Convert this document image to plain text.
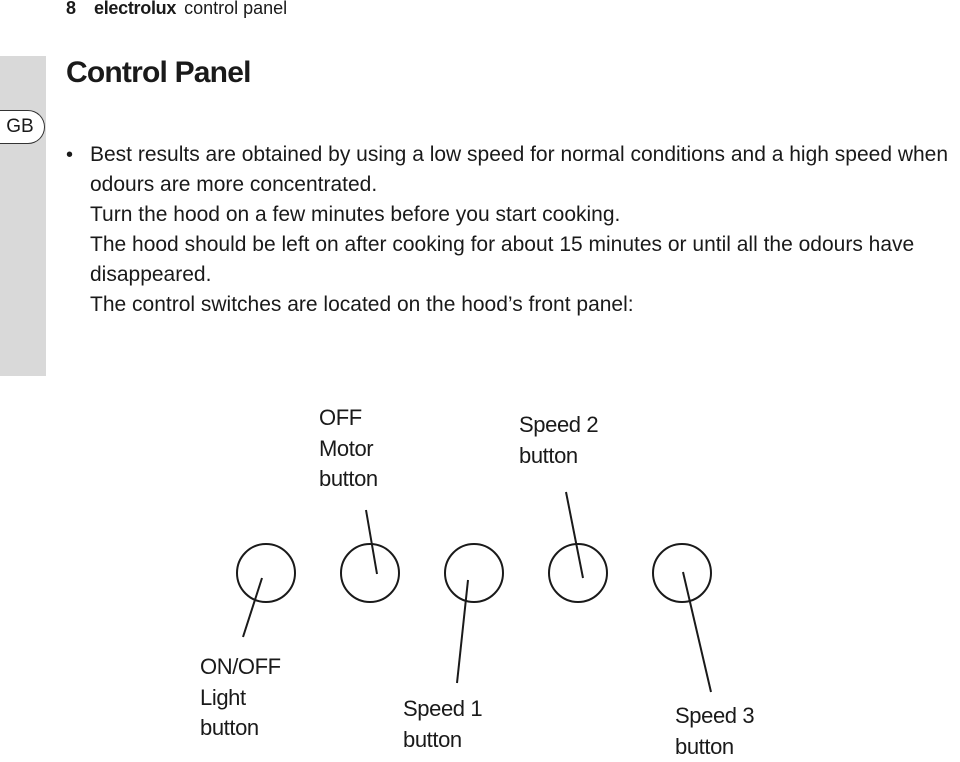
8 electrolux control panel
GB
Control Panel
• Best results are obtained by using a low speed for normal conditions and a high speed when odours are more concentrated.

Turn the hood on a few minutes before you start cooking.

The hood should be left on after cooking for about 15 minutes or until all the odours have disappeared.

The control switches are located on the hood’s front panel:

OFF
Motor
button
Speed 2
button
ON/OFF
Light
button
Speed 1
button
Speed 3
button
